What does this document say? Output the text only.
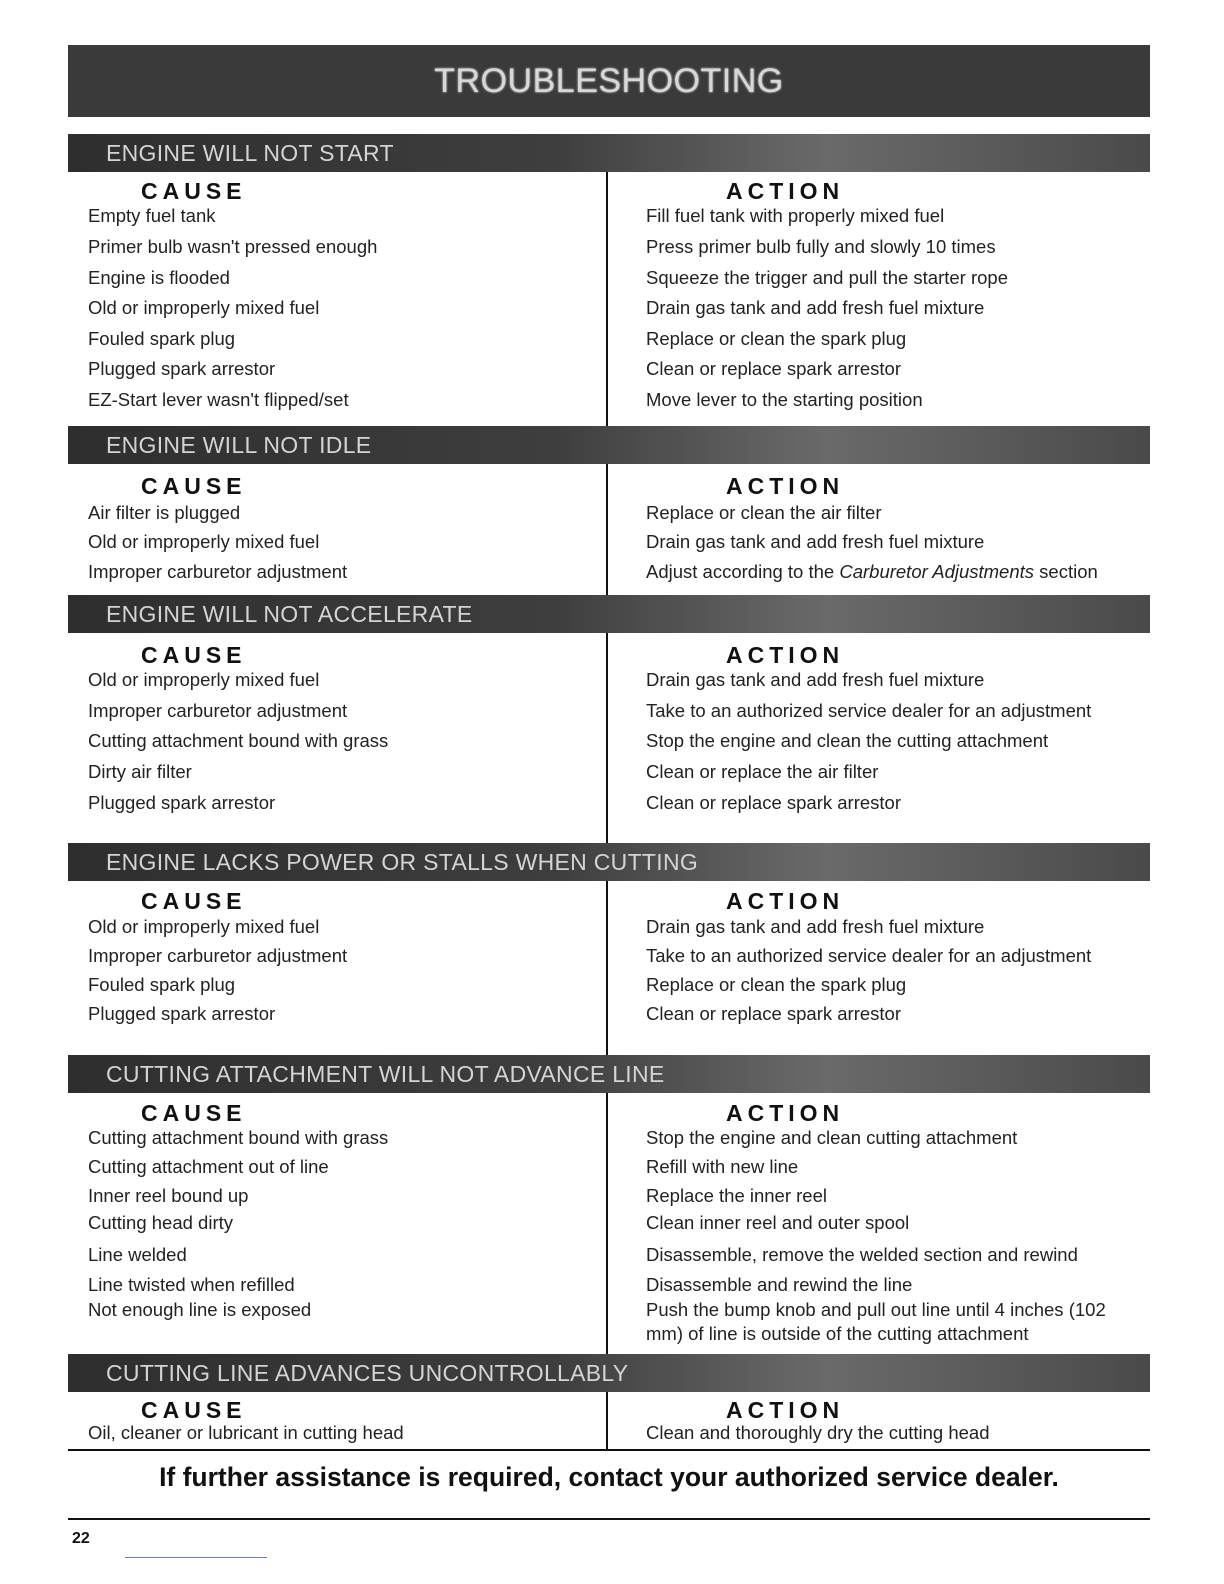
TROUBLESHOOTING
ENGINE WILL NOT START
CAUSE
Empty fuel tank
Primer bulb wasn't pressed enough
Engine is flooded
Old or improperly mixed fuel
Fouled spark plug
Plugged spark arrestor
EZ-Start lever wasn't flipped/set
ACTION
Fill fuel tank with properly mixed fuel
Press primer bulb fully and slowly 10 times
Squeeze the trigger and pull the starter rope
Drain gas tank and add fresh fuel mixture
Replace or clean the spark plug
Clean or replace spark arrestor
Move lever to the starting position
ENGINE WILL NOT IDLE
CAUSE
Air filter is plugged
Old or improperly mixed fuel
Improper carburetor adjustment
ACTION
Replace or clean the air filter
Drain gas tank and add fresh fuel mixture
Adjust according to the Carburetor Adjustments section
ENGINE WILL NOT ACCELERATE
CAUSE
Old or improperly mixed fuel
Improper carburetor adjustment
Cutting attachment bound with grass
Dirty air filter
Plugged spark arrestor
ACTION
Drain gas tank and add fresh fuel mixture
Take to an authorized service dealer for an adjustment
Stop the engine and clean the cutting attachment
Clean or replace the air filter
Clean or replace spark arrestor
ENGINE LACKS POWER OR STALLS WHEN CUTTING
CAUSE
Old or improperly mixed fuel
Improper carburetor adjustment
Fouled spark plug
Plugged spark arrestor
ACTION
Drain gas tank and add fresh fuel mixture
Take to an authorized service dealer for an adjustment
Replace or clean the spark plug
Clean or replace spark arrestor
CUTTING ATTACHMENT WILL NOT ADVANCE LINE
CAUSE
Cutting attachment bound with grass
Cutting attachment out of line
Inner reel bound up
Cutting head dirty
Line welded
Line twisted when refilled
Not enough line is exposed
ACTION
Stop the engine and clean cutting attachment
Refill with new line
Replace the inner reel
Clean inner reel and outer spool
Disassemble, remove the welded section and rewind
Disassemble and rewind the line
Push the bump knob and pull out line until 4 inches (102 mm) of line is outside of the cutting attachment
CUTTING LINE ADVANCES UNCONTROLLABLY
CAUSE
Oil, cleaner or lubricant in cutting head
ACTION
Clean and thoroughly dry the cutting head
If further assistance is required, contact your authorized service dealer.
22
